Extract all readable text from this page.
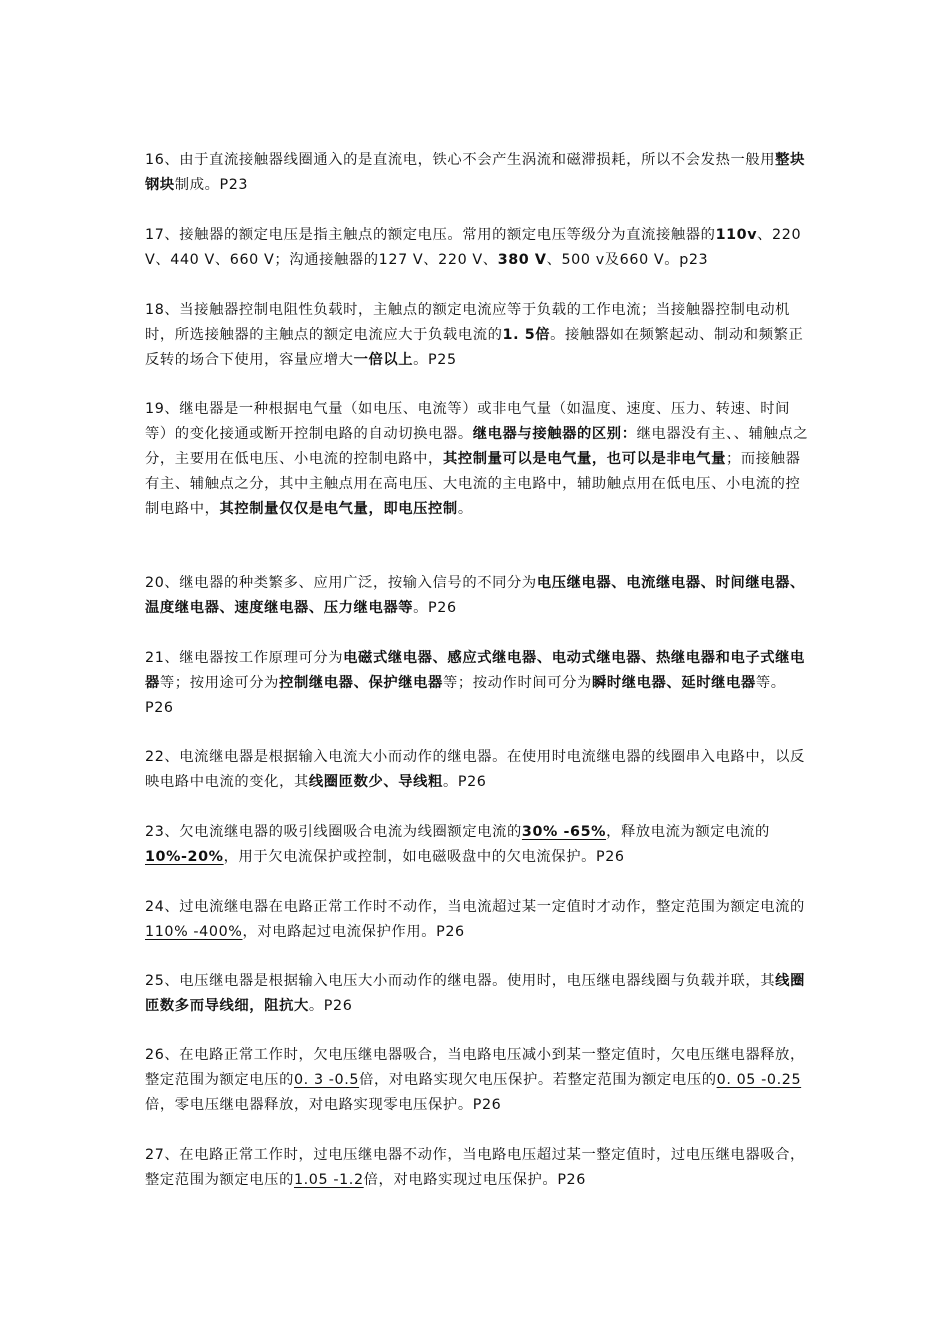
16、由于直流接触器线圈通入的是直流电，铁心不会产生涡流和磁滞损耗，所以不会发热一般用整块钢块制成。P23

17、接触器的额定电压是指主触点的额定电压。常用的额定电压等级分为直流接触器的110v、220 V、440 V、660 V；沟通接触器的127 V、220 V、380 V、500 v及660 V。p23

18、当接触器控制电阻性负载时，主触点的额定电流应等于负载的工作电流；当接触器控制电动机时，所选接触器的主触点的额定电流应大于负载电流的1. 5倍。接触器如在频繁起动、制动和频繁正反转的场合下使用，容量应增大一倍以上。P25

19、继电器是一种根据电气量（如电压、电流等）或非电气量（如温度、速度、压力、转速、时间等）的变化接通或断开控制电路的自动切换电器。继电器与接触器的区别：继电器没有主、、辅触点之分，主要用在低电压、小电流的控制电路中，其控制量可以是电气量，也可以是非电气量；而接触器有主、辅触点之分，其中主触点用在高电压、大电流的主电路中，辅助触点用在低电压、小电流的控制电路中，其控制量仅仅是电气量，即电压控制。

20、继电器的种类繁多、应用广泛，按输入信号的不同分为电压继电器、电流继电器、时间继电器、温度继电器、速度继电器、压力继电器等。P26

21、继电器按工作原理可分为电磁式继电器、感应式继电器、电动式继电器、热继电器和电子式继电器等；按用途可分为控制继电器、保护继电器等；按动作时间可分为瞬时继电器、延时继电器等。P26

22、电流继电器是根据输入电流大小而动作的继电器。在使用时电流继电器的线圈串入电路中，以反映电路中电流的变化，其线圈匝数少、导线粗。P26

23、欠电流继电器的吸引线圈吸合电流为线圈额定电流的30% -65%，释放电流为额定电流的10%-20%，用于欠电流保护或控制，如电磁吸盘中的欠电流保护。P26

24、过电流继电器在电路正常工作时不动作，当电流超过某一定值时才动作，整定范围为额定电流的110% -400%，对电路起过电流保护作用。P26

25、电压继电器是根据输入电压大小而动作的继电器。使用时，电压继电器线圈与负载并联，其线圈匝数多而导线细，阻抗大。P26

26、在电路正常工作时，欠电压继电器吸合，当电路电压减小到某一整定值时，欠电压继电器释放，整定范围为额定电压的0. 3 -0.5倍，对电路实现欠电压保护。若整定范围为额定电压的0. 05 -0.25倍，零电压继电器释放，对电路实现零电压保护。P26

27、在电路正常工作时，过电压继电器不动作，当电路电压超过某一整定值时，过电压继电器吸合，整定范围为额定电压的1.05 -1.2倍，对电路实现过电压保护。P26
